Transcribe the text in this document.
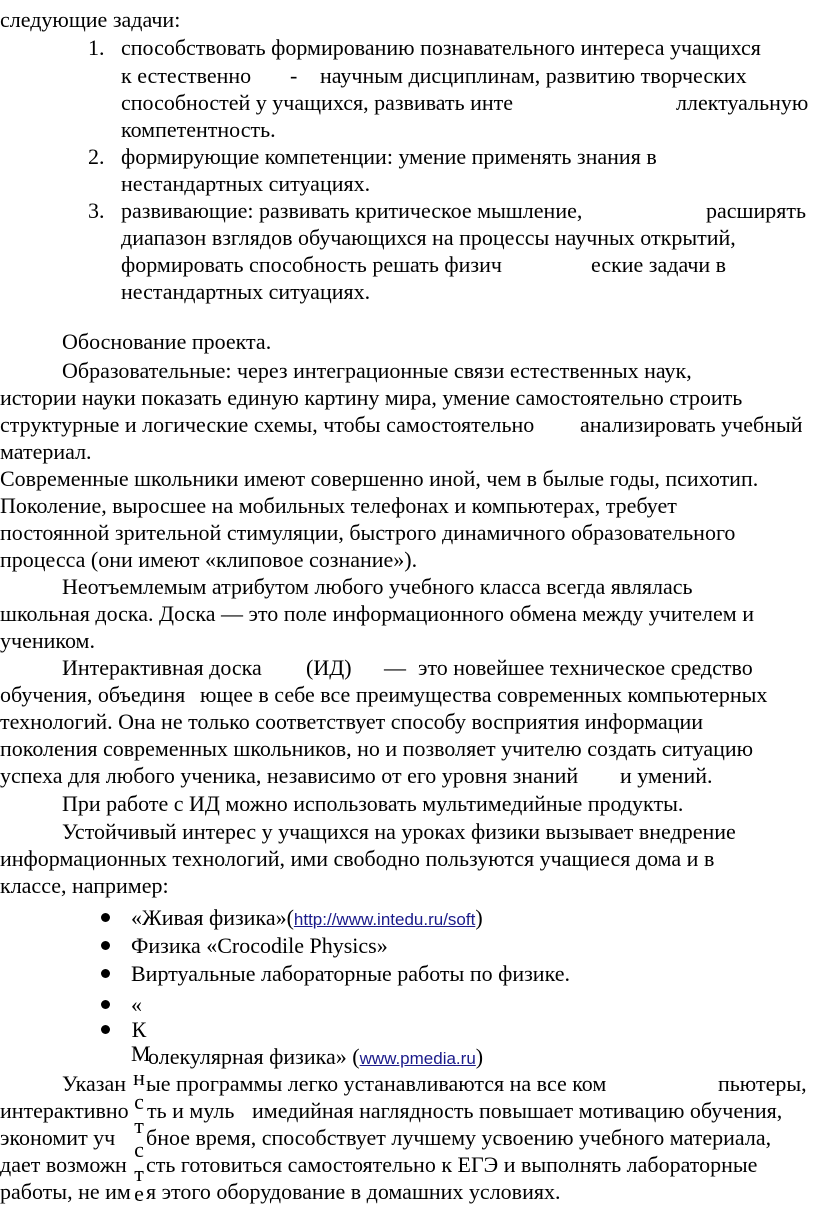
следующие задачи:
1. способствовать формированию познавательного интереса учащихся
к естественно - научным дисциплинам, развитию творческих
способностей у учащихся, развивать инте	ллектуальную
компетентность.
2. формирующие компетенции: умение применять знания в
нестандартных ситуациях.
3. развивающие: развивать критическое мышление,	расширять
диапазон взглядов обучающихся на процессы научных открытий,
формировать способность решать физич	еские задачи в
нестандартных ситуациях.
Обоснование проекта.
Образовательные: через интеграционные связи естественных наук,
истории науки показать единую картину мира, умение самостоятельно строить
структурные и логические схемы, чтобы самостоятельно анализировать учебный
материал.
Современные школьники имеют совершенно иной, чем в былые годы, психотип.
Поколение, выросшее на мобильных телефонах и компьютерах, требует
постоянной зрительной стимуляции, быстрого динамичного образовательного
процесса (они имеют «клиповое сознание»).
Неотъемлемым атрибутом любого учебного класса всегда являлась
школьная доска. Доска — это поле информационного обмена между учителем и
учеником.
Интерактивная доска (ИД) — это новейшее техническое средство
обучения, объединя ющее в себе все преимущества современных компьютерных
технологий. Она не только соответствует способу восприятия информации
поколения современных школьников, но и позволяет учителю создать ситуацию
успеха для любого ученика, независимо от его уровня знаний и умений.
При работе с ИД можно использовать мультимедийные продукты.
Устойчивый интерес у учащихся на уроках физики вызывает внедрение
информационных технологий, ими свободно пользуются учащиеся дома и в
классе, например:
«Живая физика»(http://www.intedu.ru/soft)
Физика «Crocodile Physics»
Виртуальные лабораторные работы по физике.
«
К
М
н
с
т
с
т
е
олекулярная физика» (www.pmedia.ru)
Указан ые программы легко устанавливаются на все ком	пьютеры,
интерактивно ть и муль имедийная наглядность повышает мотивацию обучения,
экономит уч бное время, способствует лучшему усвоению учебного материала,
дает возможн сть готовиться самостоятельно к ЕГЭ и выполнять лабораторные
работы, не им я этого оборудование в домашних условиях.
